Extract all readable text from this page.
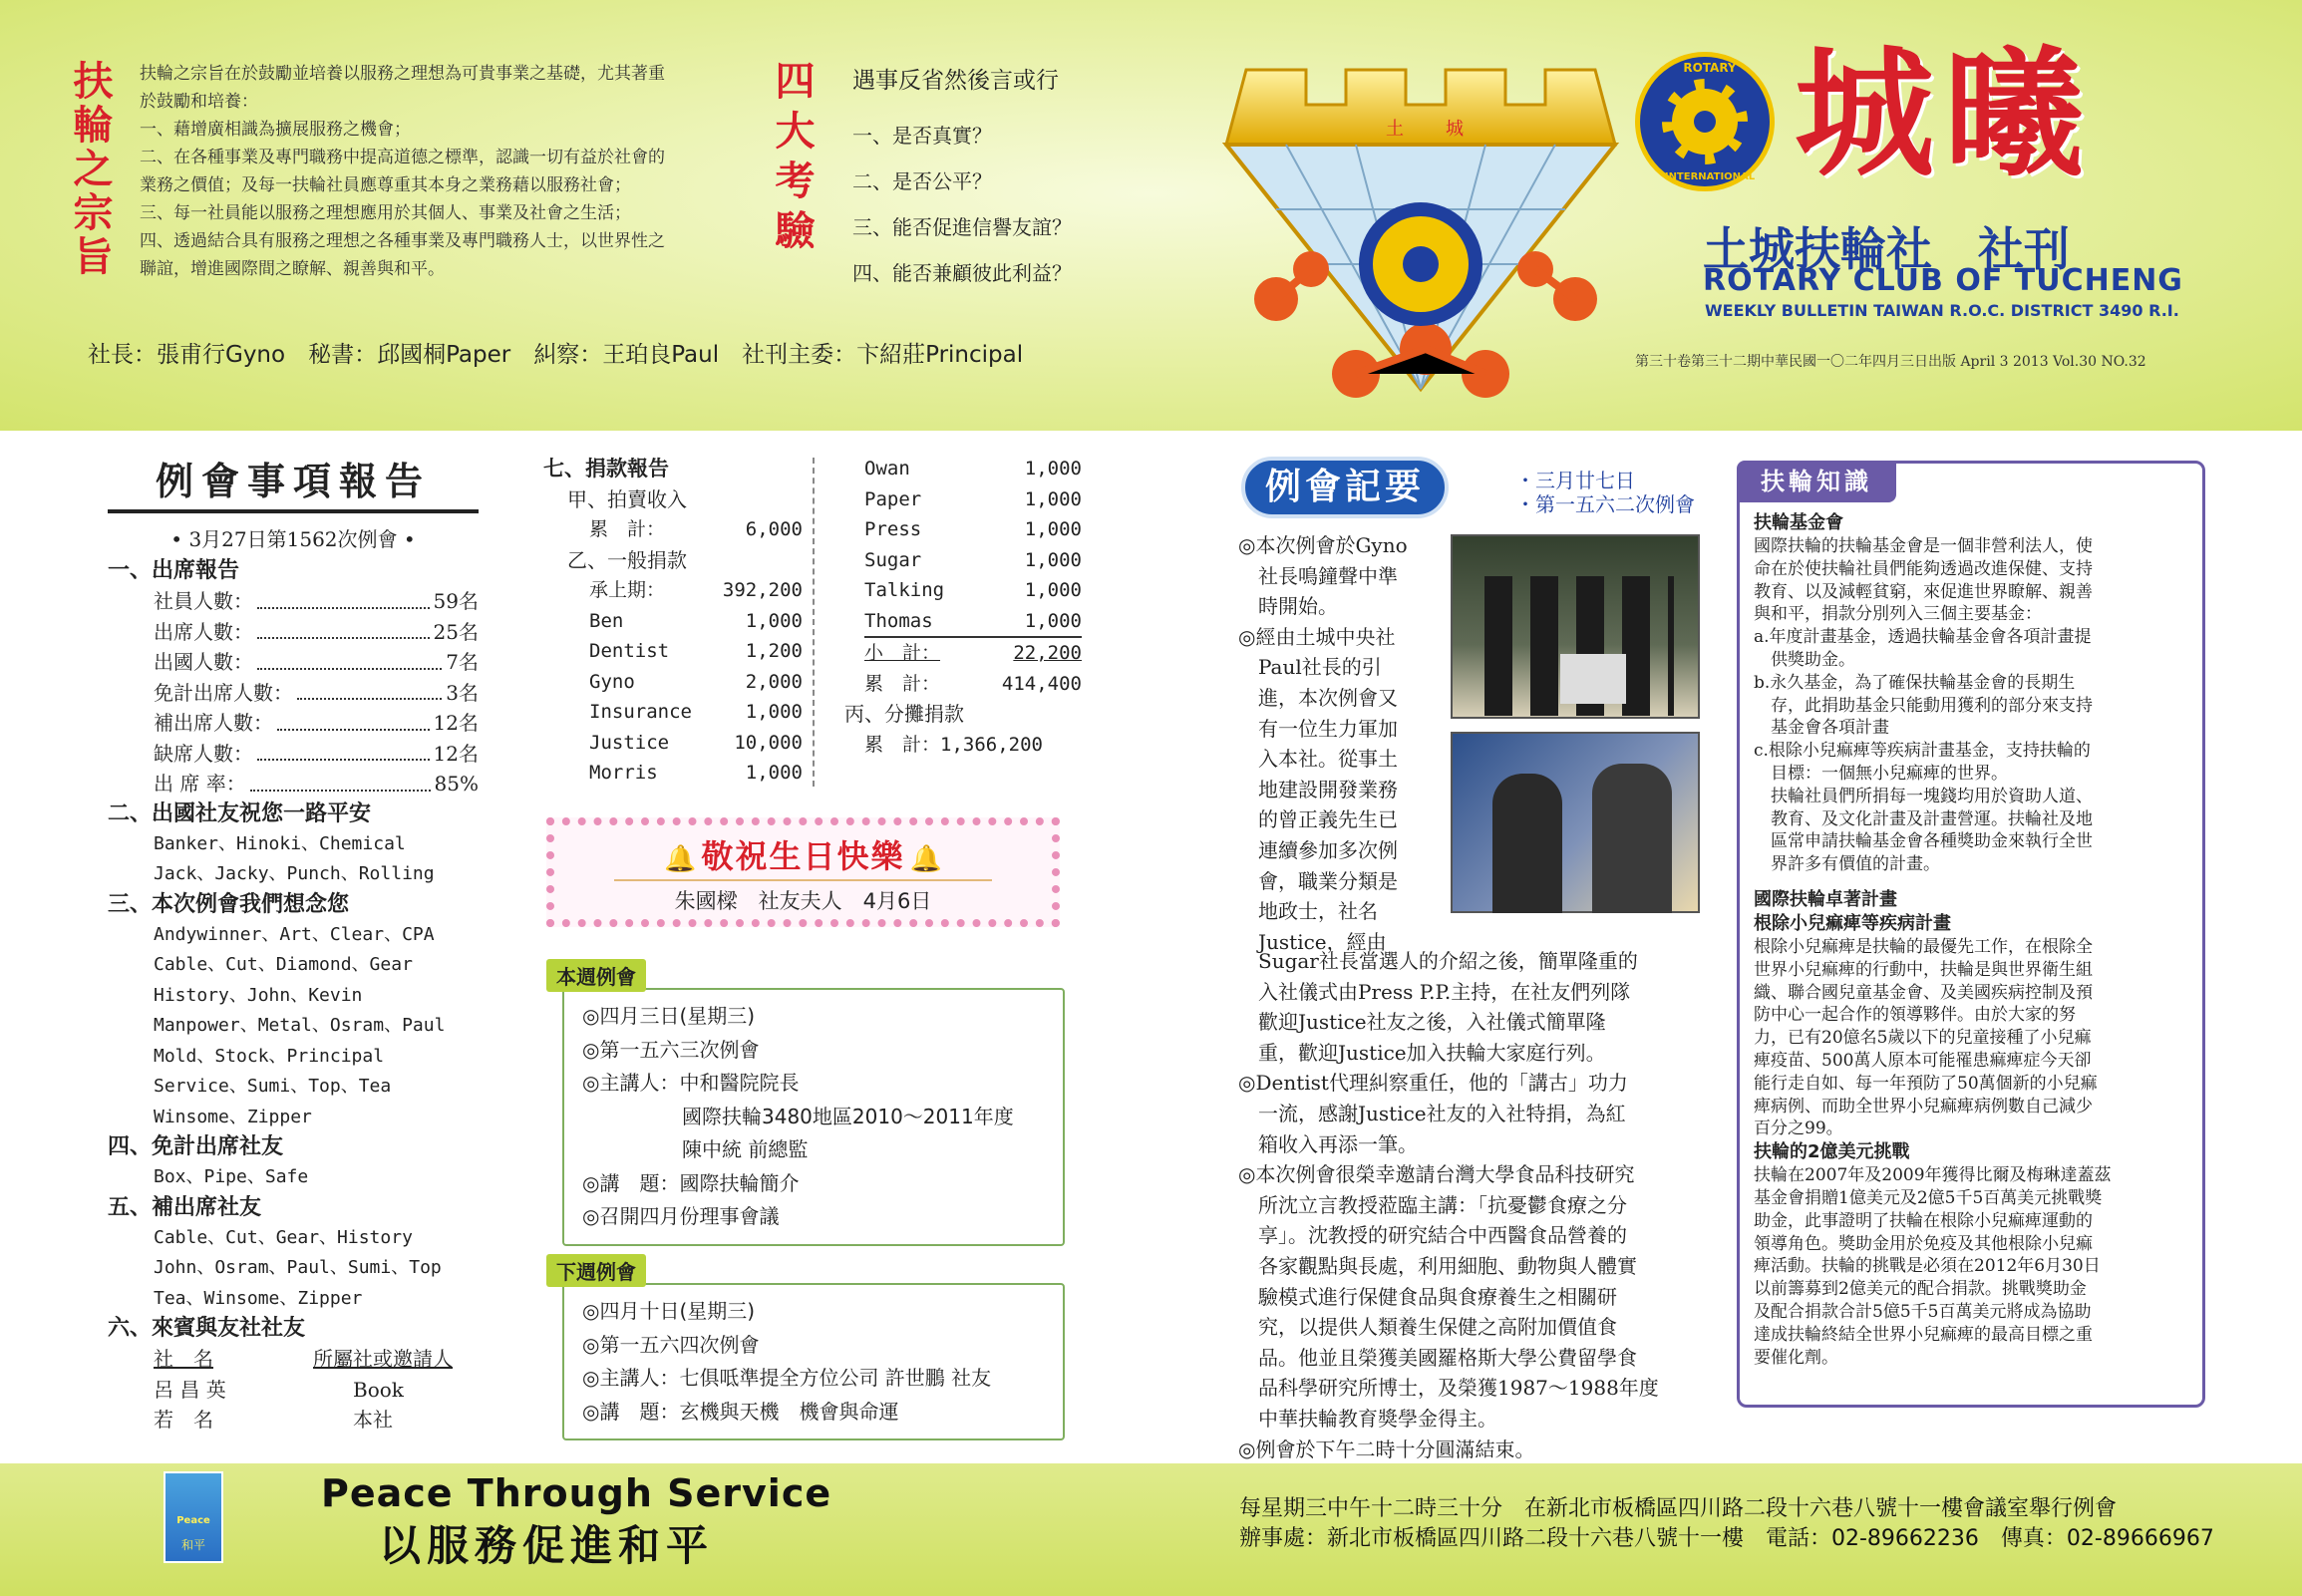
扶輪之宗旨 扶輪之宗旨在於鼓勵並培養以服務之理想為可貴事業之基礎，尤其著重
於鼓勵和培養：
一、藉增廣相識為擴展服務之機會；
二、在各種事業及專門職務中提高道德之標準，認識一切有益於社會的
業務之價值；及每一扶輪社員應尊重其本身之業務藉以服務社會；
三、每一社員能以服務之理想應用於其個人、事業及社會之生活；
四、透過結合具有服務之理想之各種事業及專門職務人士，以世界性之
聯誼，增進國際間之瞭解、親善與和平。
四大考驗 遇事反省然後言或行
一、是否真實？
二、是否公平？
三、能否促進信譽友誼？
四、能否兼顧彼此利益？
社長：張甫行Gyno　秘書：邱國桐Paper　糾察：王珀良Paul　社刊主委：卞紹莊Principal
土 城
ROTARY
INTERNATIONAL 城曦
土城扶輪社　社刊
ROTARY CLUB OF TUCHENG
WEEKLY BULLETIN TAIWAN R.O.C. DISTRICT 3490 R.I.
第三十卷第三十二期中華民國一〇二年四月三日出版 April 3 2013 Vol.30 NO.32
例會事項報告
• 3月27日第1562次例會 •
一、出席報告
社員人數：	59名
出席人數：	25名
出國人數：	7名
免計出席人數：	3名
補出席人數：	12名
缺席人數：	12名
出 席 率：	85%
二、出國社友祝您一路平安
Banker、Hinoki、Chemical
Jack、Jacky、Punch、Rolling
三、本次例會我們想念您
Andywinner、Art、Clear、CPA
Cable、Cut、Diamond、Gear
History、John、Kevin
Manpower、Metal、Osram、Paul
Mold、Stock、Principal
Service、Sumi、Top、Tea
Winsome、Zipper
四、免計出席社友
Box、Pipe、Safe
五、補出席社友
Cable、Cut、Gear、History
John、Osram、Paul、Sumi、Top
Tea、Winsome、Zipper
六、來賓與友社社友
社　名	所屬社或邀請人
呂 昌 英	Book
若　名	本社
七、捐款報告
甲、拍賣收入
累　計：	6,000
乙、一般捐款
承上期：	392,200
Ben	1,000
Dentist	1,200
Gyno	2,000
Insurance	1,000
Justice	10,000
Morris	1,000
Owan	1,000
Paper	1,000
Press	1,000
Sugar	1,000
Talking	1,000
Thomas	1,000
小　計：	22,200
累　計：	414,400
丙、分攤捐款
累　計：1,366,200
🔔 敬祝生日快樂 🔔
朱國樑　社友夫人　4月6日
本週例會
◎四月三日(星期三)
◎第一五六三次例會
◎主講人：中和醫院院長
　　　　　國際扶輪3480地區2010～2011年度
　　　　　陳中統 前總監
◎講　題：國際扶輪簡介
◎召開四月份理事會議
下週例會
◎四月十日(星期三)
◎第一五六四次例會
◎主講人：七俱呧準提全方位公司 許世鵬 社友
◎講　題：玄機與天機　機會與命運
例會記要	・三月廿七日
・第一五六二次例會
◎本次例會於Gyno
　社長鳴鐘聲中準
　時開始。
◎經由土城中央社
　Paul社長的引
　進，本次例會又
　有一位生力軍加
　入本社。從事土
　地建設開發業務
　的曾正義先生已
　連續參加多次例
　會，職業分類是
　地政士，社名
　Justice，經由
　Sugar社長當選人的介紹之後，簡單隆重的
　入社儀式由Press P.P.主持，在社友們列隊
　歡迎Justice社友之後，入社儀式簡單隆
　重，歡迎Justice加入扶輪大家庭行列。
◎Dentist代理糾察重任，他的「講古」功力
　一流，感謝Justice社友的入社特捐，為紅
　箱收入再添一筆。
◎本次例會很榮幸邀請台灣大學食品科技研究
　所沈立言教授蒞臨主講：「抗憂鬱食療之分
　享」。沈教授的研究結合中西醫食品營養的
　各家觀點與長處，利用細胞、動物與人體實
　驗模式進行保健食品與食療養生之相關研
　究，以提供人類養生保健之高附加價值食
　品。他並且榮獲美國羅格斯大學公費留學食
　品科學研究所博士，及榮獲1987～1988年度
　中華扶輪教育獎學金得主。
◎例會於下午二時十分圓滿結束。
扶輪知識
扶輪基金會
國際扶輪的扶輪基金會是一個非營利法人，使
命在於使扶輪社員們能夠透過改進保健、支持
教育、以及減輕貧窮，來促進世界瞭解、親善
與和平，捐款分別列入三個主要基金：
a.年度計畫基金，透過扶輪基金會各項計畫提
　供獎助金。
b.永久基金，為了確保扶輪基金會的長期生
　存，此捐助基金只能動用獲利的部分來支持
　基金會各項計畫
c.根除小兒痲痺等疾病計畫基金，支持扶輪的
　目標：一個無小兒痲痺的世界。
　扶輪社員們所捐每一塊錢均用於資助人道、
　教育、及文化計畫及計畫營運。扶輪社及地
　區常申請扶輪基金會各種獎助金來執行全世
　界許多有價值的計畫。
國際扶輪卓著計畫
根除小兒痲痺等疾病計畫
根除小兒痲痺是扶輪的最優先工作，在根除全
世界小兒痲痺的行動中，扶輪是與世界衛生組
織、聯合國兒童基金會、及美國疾病控制及預
防中心一起合作的領導夥伴。由於大家的努
力，已有20億名5歲以下的兒童接種了小兒痲
痺疫苗、500萬人原本可能罹患痲痺症今天卻
能行走自如、每一年預防了50萬個新的小兒痲
痺病例、而助全世界小兒痲痺病例數自己減少
百分之99。
扶輪的2億美元挑戰
扶輪在2007年及2009年獲得比爾及梅琳達蓋茲
基金會捐贈1億美元及2億5千5百萬美元挑戰獎
助金，此事證明了扶輪在根除小兒痲痺運動的
領導角色。獎助金用於免疫及其他根除小兒痲
痺活動。扶輪的挑戰是必須在2012年6月30日
以前籌募到2億美元的配合捐款。挑戰獎助金
及配合捐款合計5億5千5百萬美元將成為協助
達成扶輪終結全世界小兒痲痺的最高目標之重
要催化劑。
Peace
和平
Peace Through Service
以服務促進和平
每星期三中午十二時三十分　在新北市板橋區四川路二段十六巷八號十一樓會議室舉行例會
辦事處：新北市板橋區四川路二段十六巷八號十一樓　電話：02-89662236　傳真：02-89666967
